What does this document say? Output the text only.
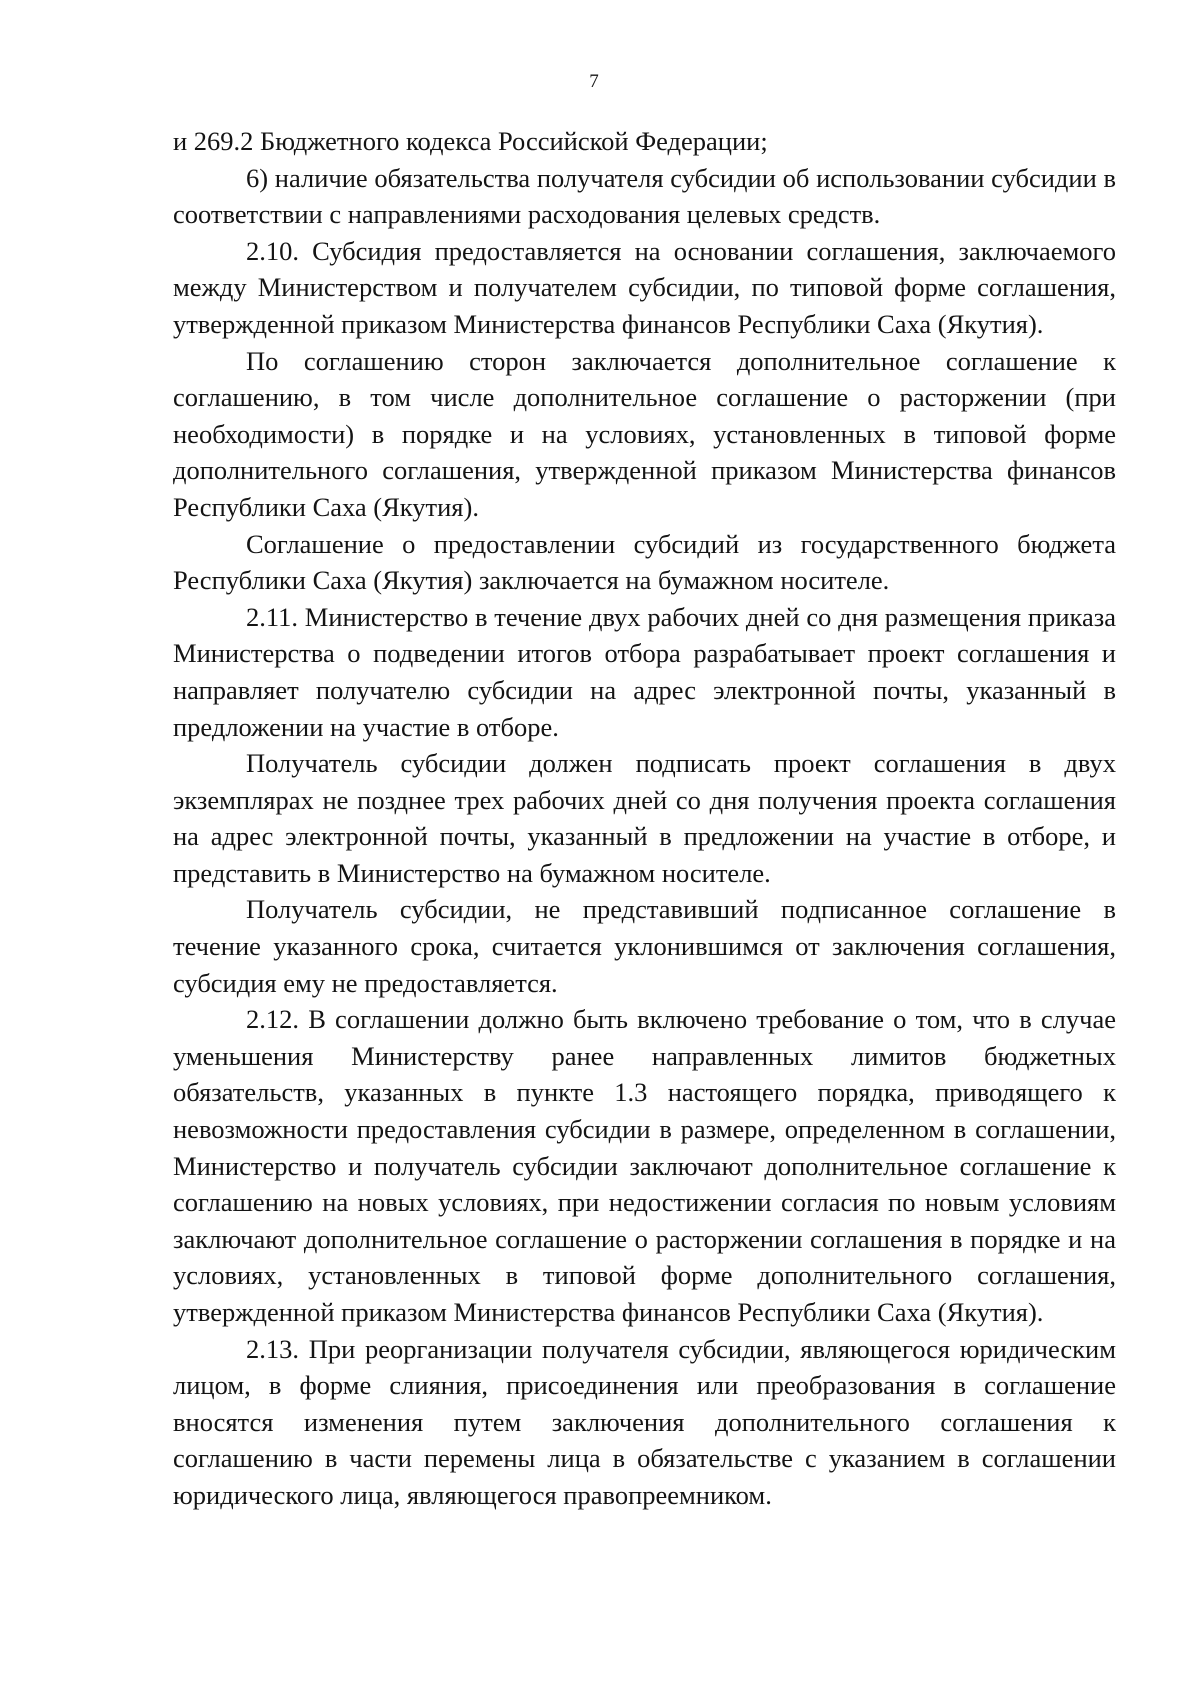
7

и 269.2 Бюджетного кодекса Российской Федерации;

6) наличие обязательства получателя субсидии об использовании субсидии в соответствии с направлениями расходования целевых средств.

2.10. Субсидия предоставляется на основании соглашения, заключаемого между Министерством и получателем субсидии, по типовой форме соглашения, утвержденной приказом Министерства финансов Республики Саха (Якутия).

По соглашению сторон заключается дополнительное соглашение к соглашению, в том числе дополнительное соглашение о расторжении (при необходимости) в порядке и на условиях, установленных в типовой форме дополнительного соглашения, утвержденной приказом Министерства финансов Республики Саха (Якутия).

Соглашение о предоставлении субсидий из государственного бюджета Республики Саха (Якутия) заключается на бумажном носителе.

2.11. Министерство в течение двух рабочих дней со дня размещения приказа Министерства о подведении итогов отбора разрабатывает проект соглашения и направляет получателю субсидии на адрес электронной почты, указанный в предложении на участие в отборе.

Получатель субсидии должен подписать проект соглашения в двух экземплярах не позднее трех рабочих дней со дня получения проекта соглашения на адрес электронной почты, указанный в предложении на участие в отборе, и представить в Министерство на бумажном носителе.

Получатель субсидии, не представивший подписанное соглашение в течение указанного срока, считается уклонившимся от заключения соглашения, субсидия ему не предоставляется.

2.12. В соглашении должно быть включено требование о том, что в случае уменьшения Министерству ранее направленных лимитов бюджетных обязательств, указанных в пункте 1.3 настоящего порядка, приводящего к невозможности предоставления субсидии в размере, определенном в соглашении, Министерство и получатель субсидии заключают дополнительное соглашение к соглашению на новых условиях, при недостижении согласия по новым условиям заключают дополнительное соглашение о расторжении соглашения в порядке и на условиях, установленных в типовой форме дополнительного соглашения, утвержденной приказом Министерства финансов Республики Саха (Якутия).

2.13. При реорганизации получателя субсидии, являющегося юридическим лицом, в форме слияния, присоединения или преобразования в соглашение вносятся изменения путем заключения дополнительного соглашения к соглашению в части перемены лица в обязательстве с указанием в соглашении юридического лица, являющегося правопреемником.
